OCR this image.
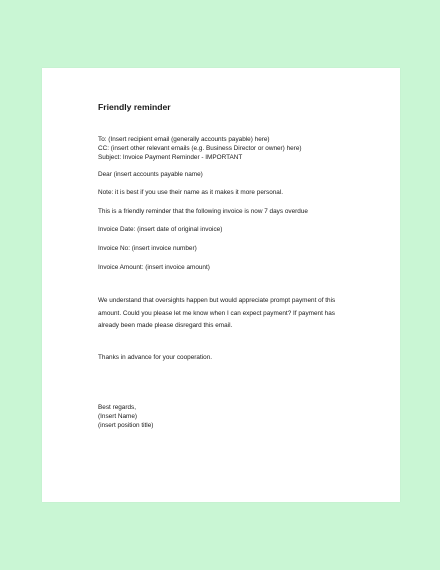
Friendly reminder
To: (Insert recipient email (generally accounts payable) here)
CC: (insert other relevant emails (e.g. Business Director or owner) here)
Subject: Invoice Payment Reminder - IMPORTANT
Dear (insert accounts payable name)
Note: it is best if you use their name as it makes it more personal.
This is a friendly reminder that the following invoice is now 7 days overdue
Invoice Date: (insert date of original invoice)
Invoice No: (insert invoice number)
Invoice Amount: (insert invoice amount)
We understand that oversights happen but would appreciate prompt payment of this
amount. Could you please let me know when I can expect payment? If payment has
already been made please disregard this email.
Thanks in advance for your cooperation.
Best regards,
(Insert Name)
(insert position title)
